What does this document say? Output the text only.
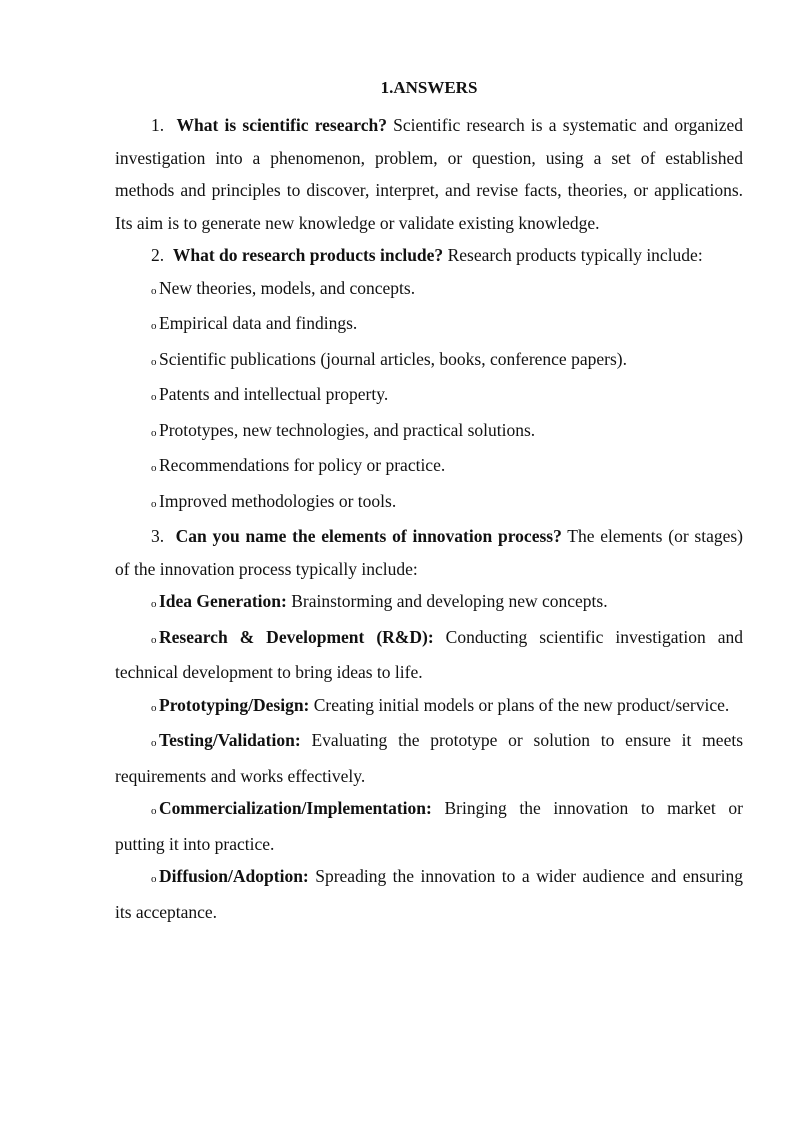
1.ANSWERS

1. What is scientific research? Scientific research is a systematic and organized investigation into a phenomenon, problem, or question, using a set of established methods and principles to discover, interpret, and revise facts, theories, or applications. Its aim is to generate new knowledge or validate existing knowledge.

2. What do research products include? Research products typically include:

o New theories, models, and concepts.

o Empirical data and findings.

o Scientific publications (journal articles, books, conference papers).

o Patents and intellectual property.

o Prototypes, new technologies, and practical solutions.

o Recommendations for policy or practice.

o Improved methodologies or tools.

3. Can you name the elements of innovation process? The elements (or stages) of the innovation process typically include:

o Idea Generation: Brainstorming and developing new concepts.

o Research & Development (R&D): Conducting scientific investigation and technical development to bring ideas to life.

o Prototyping/Design: Creating initial models or plans of the new product/service.

o Testing/Validation: Evaluating the prototype or solution to ensure it meets requirements and works effectively.

o Commercialization/Implementation: Bringing the innovation to market or putting it into practice.

o Diffusion/Adoption: Spreading the innovation to a wider audience and ensuring its acceptance.
